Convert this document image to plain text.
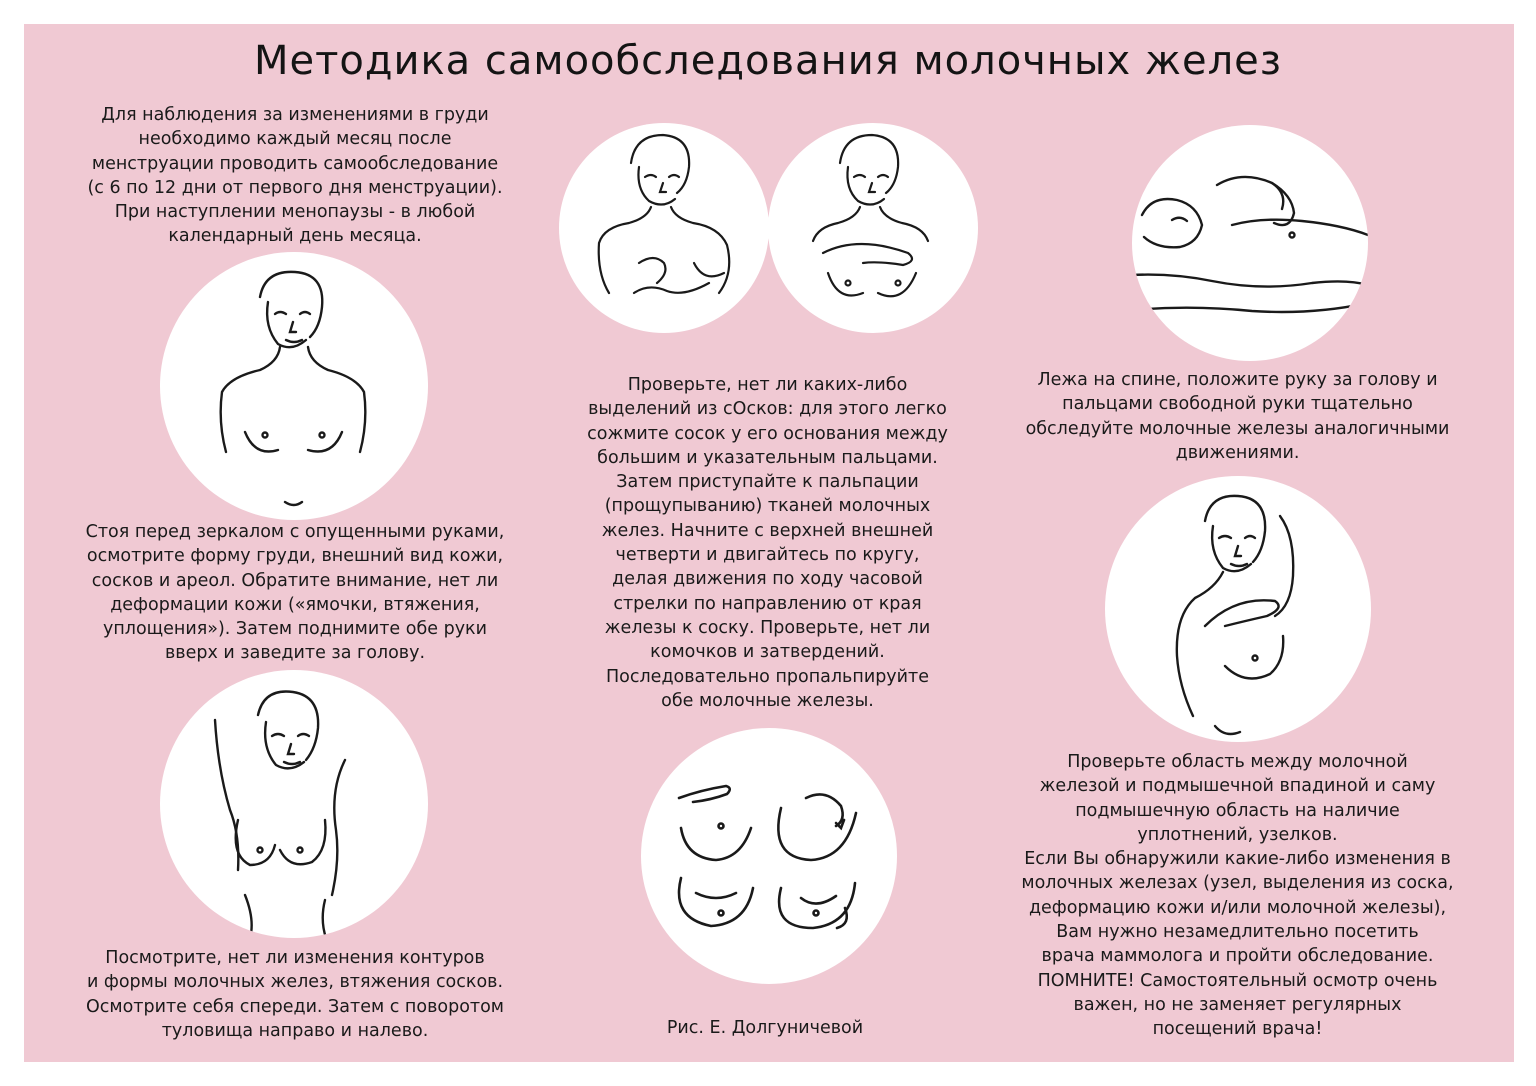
Методика самообследования молочных желез

Для наблюдения за изменениями в груди
необходимо каждый месяц после
менструации проводить самообследование
(с 6 по 12 дни от первого дня менструации).
При наступлении менопаузы - в любой
календарный день месяца.

Стоя перед зеркалом с опущенными руками,
осмотрите форму груди, внешний вид кожи,
сосков и ареол. Обратите внимание, нет ли
деформации кожи («ямочки, втяжения,
уплощения»). Затем поднимите обе руки
вверх и заведите за голову.

Посмотрите, нет ли изменения контуров
и формы молочных желез, втяжения сосков.
Осмотрите себя спереди. Затем с поворотом
туловища направо и налево.

Проверьте, нет ли каких-либо
выделений из сОсков: для этого легко
сожмите сосок у его основания между
большим и указательным пальцами.
Затем приступайте к пальпации
(прощупыванию) тканей молочных
желез. Начните с верхней внешней
четверти и двигайтесь по кругу,
делая движения по ходу часовой
стрелки по направлению от края
железы к соску. Проверьте, нет ли
комочков и затвердений.
Последовательно пропальпируйте
обе молочные железы.

Рис. Е. Долгуничевой

Лежа на спине, положите руку за голову и
пальцами свободной руки тщательно
обследуйте молочные железы аналогичными
движениями.

Проверьте область между молочной
железой и подмышечной впадиной и саму
подмышечную область на наличие
уплотнений, узелков.
Если Вы обнаружили какие-либо изменения в
молочных железах (узел, выделения из соска,
деформацию кожи и/или молочной железы),
Вам нужно незамедлительно посетить
врача маммолога и пройти обследование.
ПОМНИТЕ! Самостоятельный осмотр очень
важен, но не заменяет регулярных
посещений врача!
